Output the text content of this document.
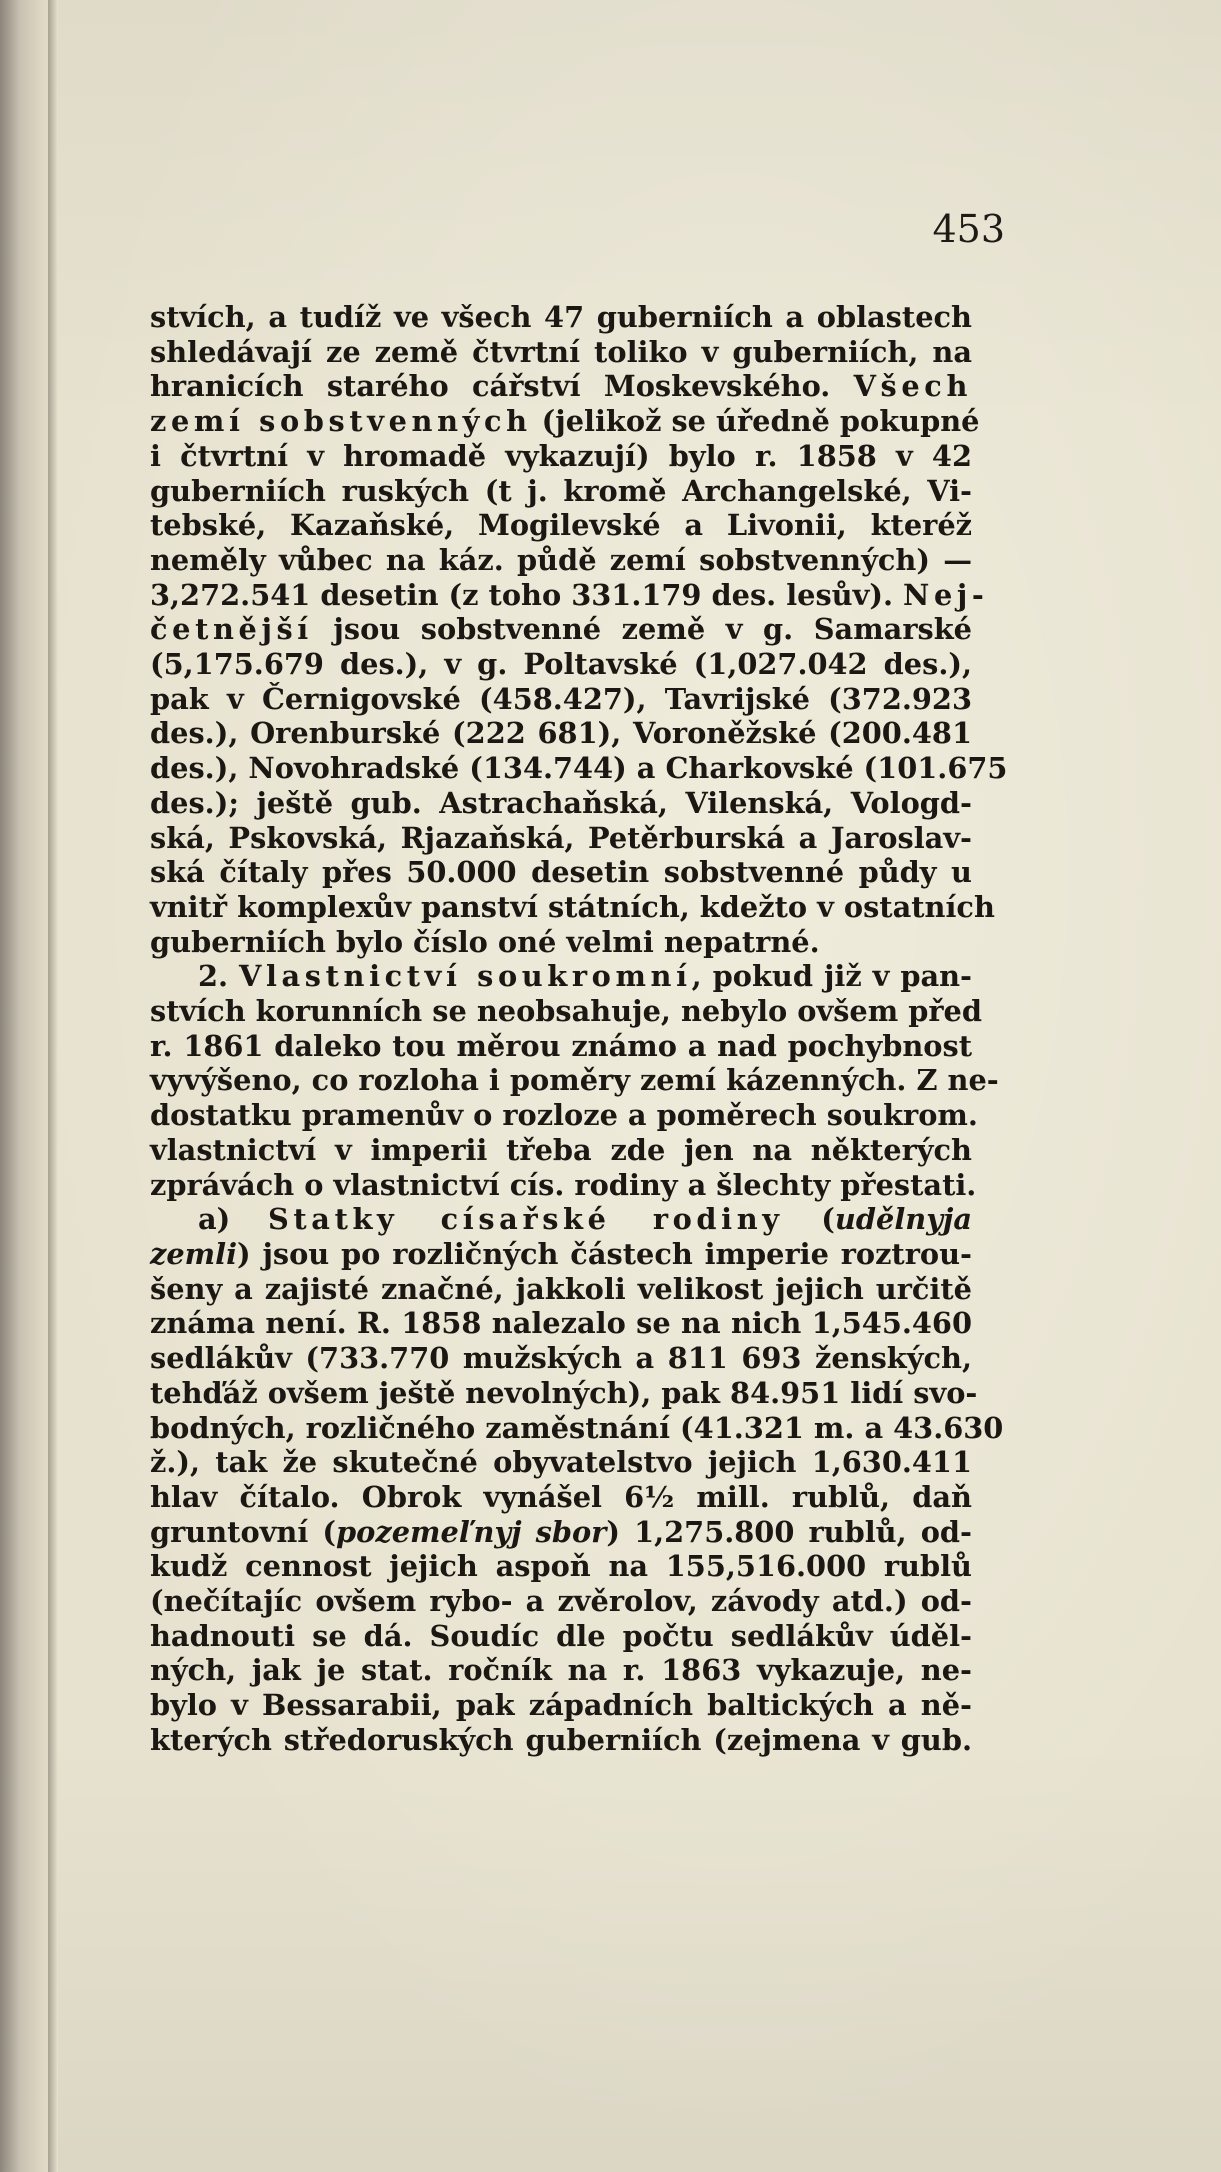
453
stvích, a tudíž ve všech 47 guberniích a oblastech
shledávají ze země čtvrtní toliko v guberniích, na
hranicích starého cářství Moskevského. Všech
zemí sobstvenných (jelikož se úředně pokupné
i čtvrtní v hromadě vykazují) bylo r. 1858 v 42
guberniích ruských (t j. kromě Archangelské, Vi-
tebské, Kazaňské, Mogilevské a Livonii, kteréž
neměly vůbec na káz. půdě zemí sobstvenných) —
3,272.541 desetin (z toho 331.179 des. lesův). Nej-
četnější jsou sobstvenné země v g. Samarské
(5,175.679 des.), v g. Poltavské (1,027.042 des.),
pak v Černigovské (458.427), Tavrijské (372.923
des.), Orenburské (222 681), Voroněžské (200.481
des.), Novohradské (134.744) a Charkovské (101.675
des.); ještě gub. Astrachaňská, Vilenská, Vologd-
ská, Pskovská, Rjazaňská, Petěrburská a Jaroslav-
ská čítaly přes 50.000 desetin sobstvenné půdy u
vnitř komplexův panství státních, kdežto v ostatních
guberniích bylo číslo oné velmi nepatrné.
2. Vlastnictví soukromní, pokud již v pan-
stvích korunních se neobsahuje, nebylo ovšem před
r. 1861 daleko tou měrou známo a nad pochybnost
vyvýšeno, co rozloha i poměry zemí kázenných. Z ne-
dostatku pramenův o rozloze a poměrech soukrom.
vlastnictví v imperii třeba zde jen na některých
zprávách o vlastnictví cís. rodiny a šlechty přestati.
a) Statky císařské rodiny (udělnyja
zemli) jsou po rozličných částech imperie roztrou-
šeny a zajisté značné, jakkoli velikost jejich určitě
známa není. R. 1858 nalezalo se na nich 1,545.460
sedlákův (733.770 mužských a 811 693 ženských,
tehďáž ovšem ještě nevolných), pak 84.951 lidí svo-
bodných, rozličného zaměstnání (41.321 m. a 43.630
ž.), tak že skutečné obyvatelstvo jejich 1,630.411
hlav čítalo. Obrok vynášel 6½ mill. rublů, daň
gruntovní (pozemeľnyj sbor) 1,275.800 rublů, od-
kudž cennost jejich aspoň na 155,516.000 rublů
(nečítajíc ovšem rybo- a zvěrolov, závody atd.) od-
hadnouti se dá. Soudíc dle počtu sedlákův úděl-
ných, jak je stat. ročník na r. 1863 vykazuje, ne-
bylo v Bessarabii, pak západních baltických a ně-
kterých středoruských guberniích (zejmena v gub.
